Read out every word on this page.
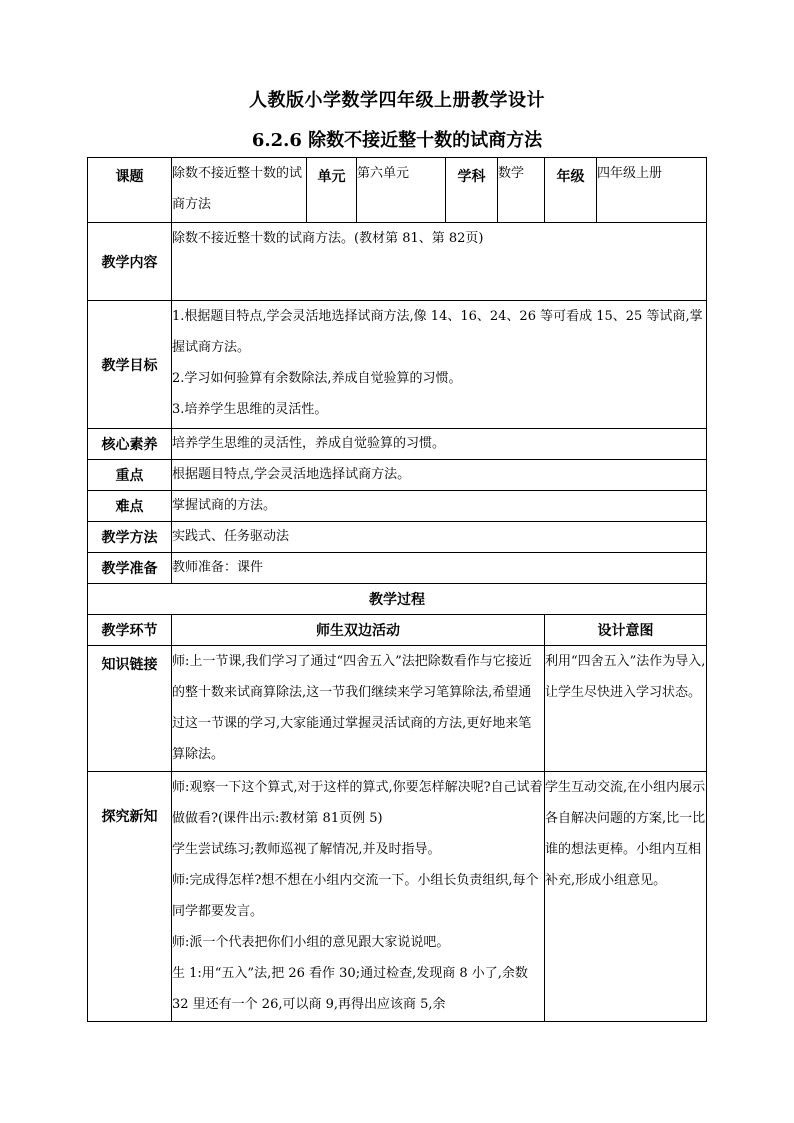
人教版小学数学四年级上册教学设计
6.2.6 除数不接近整十数的试商方法
课题	除数不接近整十数的试商方法	单元	第六单元	学科	数学	年级	四年级上册
教学内容	除数不接近整十数的试商方法。(教材第 81、第 82页)						
教学目标	1.根据题目特点,学会灵活地选择试商方法,像 14、16、24、26 等可看成 15、25 等试商,掌握试商方法。

2.学习如何验算有余数除法,养成自觉验算的习惯。

3.培养学生思维的灵活性。						

核心素养	培养学生思维的灵活性，养成自觉验算的习惯。						
重点	根据题目特点,学会灵活地选择试商方法。						
难点	掌握试商的方法。						
教学方法	实践式、任务驱动法						
教学准备	教师准备：课件						
教学过程							
教学环节	师生双边活动					设计意图	
知识链接	师:上一节课,我们学习了通过“四舍五入”法把除数看作与它接近的整十数来试商算除法,这一节我们继续来学习笔算除法,希望通过这一节课的学习,大家能通过掌握灵活试商的方法,更好地来笔算除法。					利用“四舍五入”法作为导入,让学生尽快进入学习状态。	
探究新知	师:观察一下这个算式,对于这样的算式,你要怎样解决呢?自己试着做做看?(课件出示:教材第 81页例 5)

学生尝试练习;教师巡视了解情况,并及时指导。

师:完成得怎样?想不想在小组内交流一下。小组长负责组织,每个同学都要发言。

师:派一个代表把你们小组的意见跟大家说说吧。

生 1:用“五入”法,把 26 看作 30;通过检查,发现商 8 小了,余数 32 里还有一个 26,可以商 9,再得出应该商 5,余					学生互动交流,在小组内展示各自解决问题的方案,比一比谁的想法更棒。小组内互相补充,形成小组意见。	
